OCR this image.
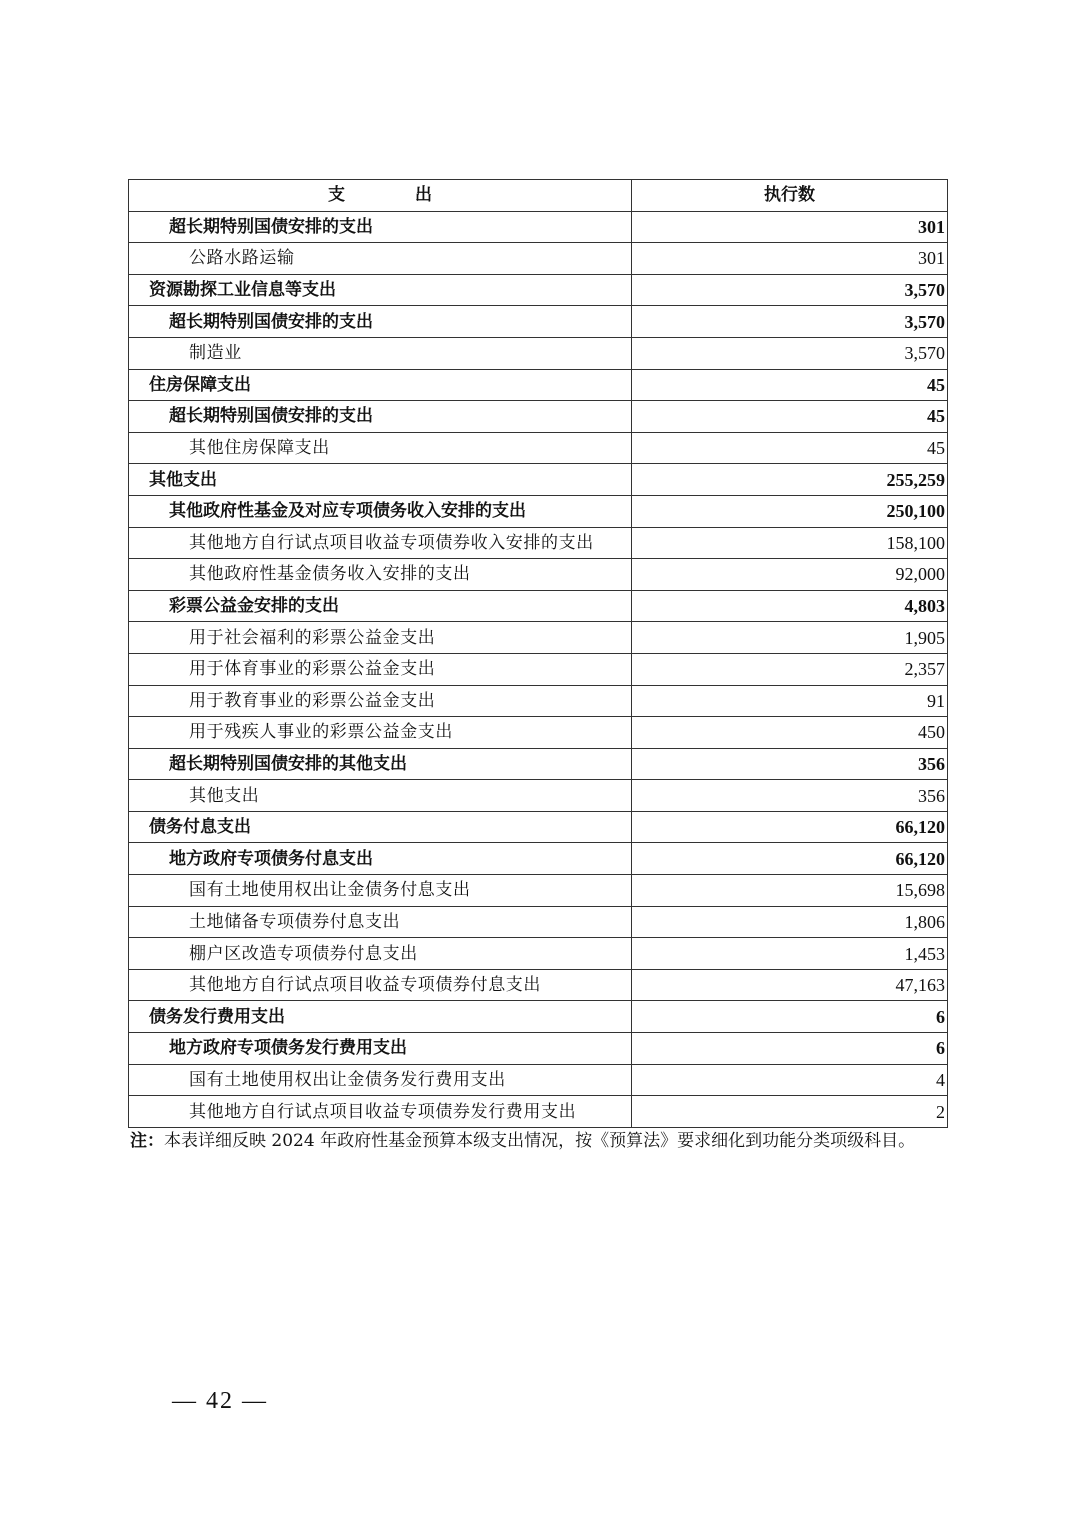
支 出	执行数
超长期特别国债安排的支出	301
公路水路运输	301
资源勘探工业信息等支出	3,570
超长期特别国债安排的支出	3,570
制造业	3,570
住房保障支出	45
超长期特别国债安排的支出	45
其他住房保障支出	45
其他支出	255,259
其他政府性基金及对应专项债务收入安排的支出	250,100
其他地方自行试点项目收益专项债券收入安排的支出	158,100
其他政府性基金债务收入安排的支出	92,000
彩票公益金安排的支出	4,803
用于社会福利的彩票公益金支出	1,905
用于体育事业的彩票公益金支出	2,357
用于教育事业的彩票公益金支出	91
用于残疾人事业的彩票公益金支出	450
超长期特别国债安排的其他支出	356
其他支出	356
债务付息支出	66,120
地方政府专项债务付息支出	66,120
国有土地使用权出让金债务付息支出	15,698
土地储备专项债券付息支出	1,806
棚户区改造专项债券付息支出	1,453
其他地方自行试点项目收益专项债券付息支出	47,163
债务发行费用支出	6
地方政府专项债务发行费用支出	6
国有土地使用权出让金债务发行费用支出	4
其他地方自行试点项目收益专项债券发行费用支出	2
注：本表详细反映 2024 年政府性基金预算本级支出情况，按《预算法》要求细化到功能分类项级科目。
— 42 —
